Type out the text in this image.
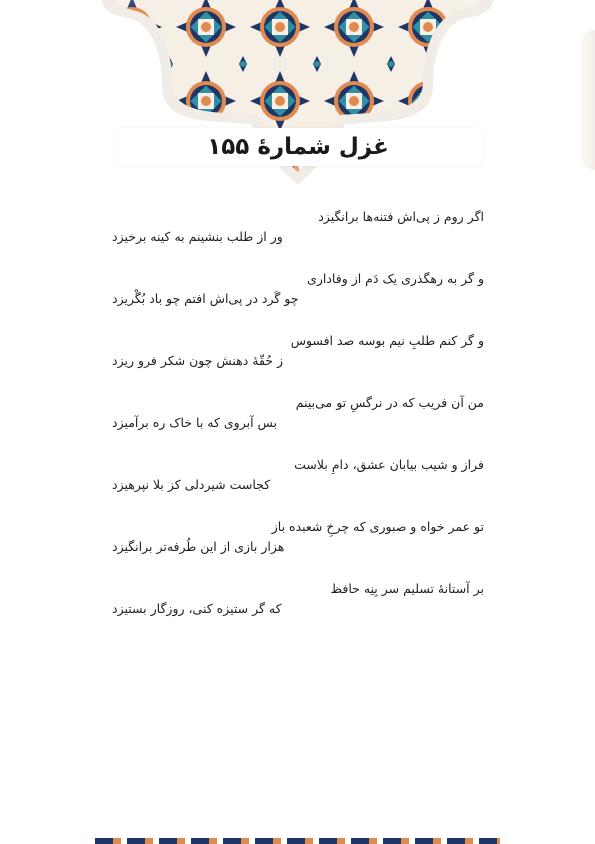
غزل شمارهٔ ۱۵۵
اگر روم ز پی‌اش فتنه‌ها برانگیزد
ور از طلب بنشینم به کینه برخیزد
و گر به رهگذری یک دَم از وفاداری
چو گَرد در پی‌اش افتم چو باد بُگْریزد
و گر کنم طلبِ نیم بوسه صد افسوس
ز حُقّهٔ دهنش چون شکر فرو ریزد
من آن فریب که در نرگسِ تو می‌بینم
بس آبروی که با خاک ره برآمیزد
فراز و شیب بیابان عشق، دامِ بلاست
کجاست شیردلی کز بلا نپرهیزد
تو عمر خواه و صبوری که چرخِ شعبده باز
هزار بازی از این طُرفه‌تر برانگیزد
بر آستانهٔ تسلیم سر بِنِه حافظ
که گر ستیزه کنی، روزگار بستیزد
